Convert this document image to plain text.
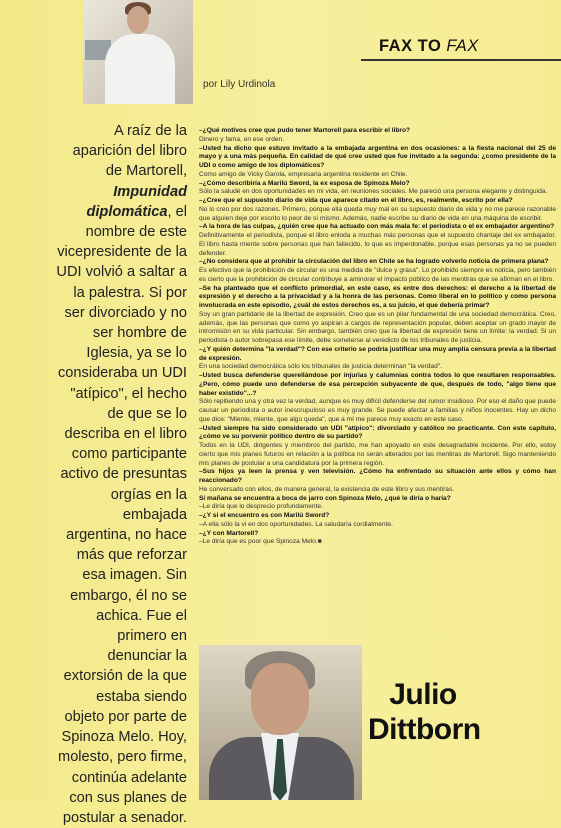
FAX TO FAX
por Lily Urdinola
A raíz de la aparición del libro de Martorell, Impunidad diplomática, el nombre de este vicepresidente de la UDI volvió a saltar a la palestra. Si por ser divorciado y no ser hombre de Iglesia, ya se lo consideraba un UDI "atípico", el hecho de que se lo describa en el libro como participante activo de presuntas orgías en la embajada argentina, no hace más que reforzar esa imagen. Sin embargo, él no se achica. Fue el primero en denunciar la extorsión de la que estaba siendo objeto por parte de Spinoza Melo. Hoy, molesto, pero firme, continúa adelante con sus planes de postular a senador.

–¿Qué motivos cree que pudo tener Martorell para escribir el libro?

Dinero y fama, en ese orden.

–Usted ha dicho que estuvo invitado a la embajada argentina en dos ocasiones: a la fiesta nacional del 25 de mayo y a una más pequeña. En calidad de qué cree usted que fue invitado a la segunda: ¿como presidente de la UDI o como amigo de los diplomáticos?

Como amigo de Vicky Garola, empresaria argentina residente en Chile.

–¿Cómo describiría a Marilú Sword, la ex esposa de Spinoza Melo?

Sólo la saludé en dos oportunidades en mi vida, en reuniones sociales. Me pareció una persona elegante y distinguida.

–¿Cree que el supuesto diario de vida que aparece citado en el libro, es, realmente, escrito por ella?

No lo creo por dos razones. Primero, porque ella queda muy mal en su supuesto diario de vida y no me parece razonable que alguien deje por escrito lo peor de sí mismo. Además, nadie escribe su diario de vida en una máquina de escribir.

–A la hora de las culpas, ¿quién cree que ha actuado con más mala fe: el periodista o el ex embajador argentino?

Definitivamente el periodista, porque el libro enloda a muchas más personas que el supuesto chantaje del ex embajador. El libro hasta miente sobre personas que han fallecido, lo que es imperdonable, porque esas personas ya no se pueden defender.

–¿No considera que al prohibir la circulación del libro en Chile se ha logrado volverlo noticia de primera plana?

Es efectivo que la prohibición de circular es una medida de "dulce y grasa". Lo prohibido siempre es noticia, pero también es cierto que la prohibición de circular contribuye a aminorar el impacto público de las mentiras que se afirman en el libro.

–Se ha planteado que el conflicto primordial, en este caso, es entre dos derechos: el derecho a la libertad de expresión y el derecho a la privacidad y a la honra de las personas. Como liberal en lo político y como persona involucrada en este episodio, ¿cuál de estos derechos es, a su juicio, el que debería primar?

Soy un gran partidario de la libertad de expresión. Creo que es un pilar fundamental de una sociedad democrática. Creo, además, que las personas que como yo aspiran a cargos de representación popular, deben aceptar un grado mayor de intromisión en su vida particular. Sin embargo, también creo que la libertad de expresión tiene un límite: la verdad. Si un periodista o autor sobrepasa ese límite, debe someterse al veredicto de los tribunales de justicia.

–¿Y quién determina "la verdad"? Con ese criterio se podría justificar una muy amplia censura previa a la libertad de expresión.

En una sociedad democrática sólo los tribunales de justicia determinan "la verdad".

–Usted busca defenderse querellándose por injurias y calumnias contra todos lo que resultaren responsables. ¿Pero, cómo puede uno defenderse de esa percepción subyacente de que, después de todo, "algo tiene que haber existido"...?

Sólo repitiendo una y otra vez la verdad, aunque es muy difícil defenderse del rumor insidioso. Por eso el daño que puede causar un periodista o autor inescrupuloso es muy grande. Se puede afectar a familias y niños inocentes. Hay un dicho que dice: "Miente, miente, que algo queda", que a mí me parece muy exacto en este caso.

–Usted siempre ha sido considerado un UDI "atípico": divorciado y católico no practicante. Con este capítulo, ¿cómo ve su porvenir político dentro de su partido?

Todos en la UDI, dirigentes y miembros del partido, me han apoyado en este desagradable incidente. Por ello, estoy cierto que mis planes futuros en relación a la política no serán alterados por las mentiras de Martorell. Sigo manteniendo mis planes de postular a una candidatura por la primera región.

–Sus hijos ya leen la prensa y ven televisión. ¿Cómo ha enfrentado su situación ante ellos y cómo han reaccionado?

He conversado con ellos, de manera general, la existencia de este libro y sus mentiras.

Si mañana se encuentra a boca de jarro con Spinoza Melo, ¿qué le diría o haría?

–Le diría que lo desprecio profundamente.

–¿Y si el encuentro es con Marilú Sword?

–A ella sólo la vi en dos oportunidades. La saludaría cordialmente.

–¿Y con Martorell?

–Le diría que es poor que Spinoza Melo.■

Julio
Dittborn
